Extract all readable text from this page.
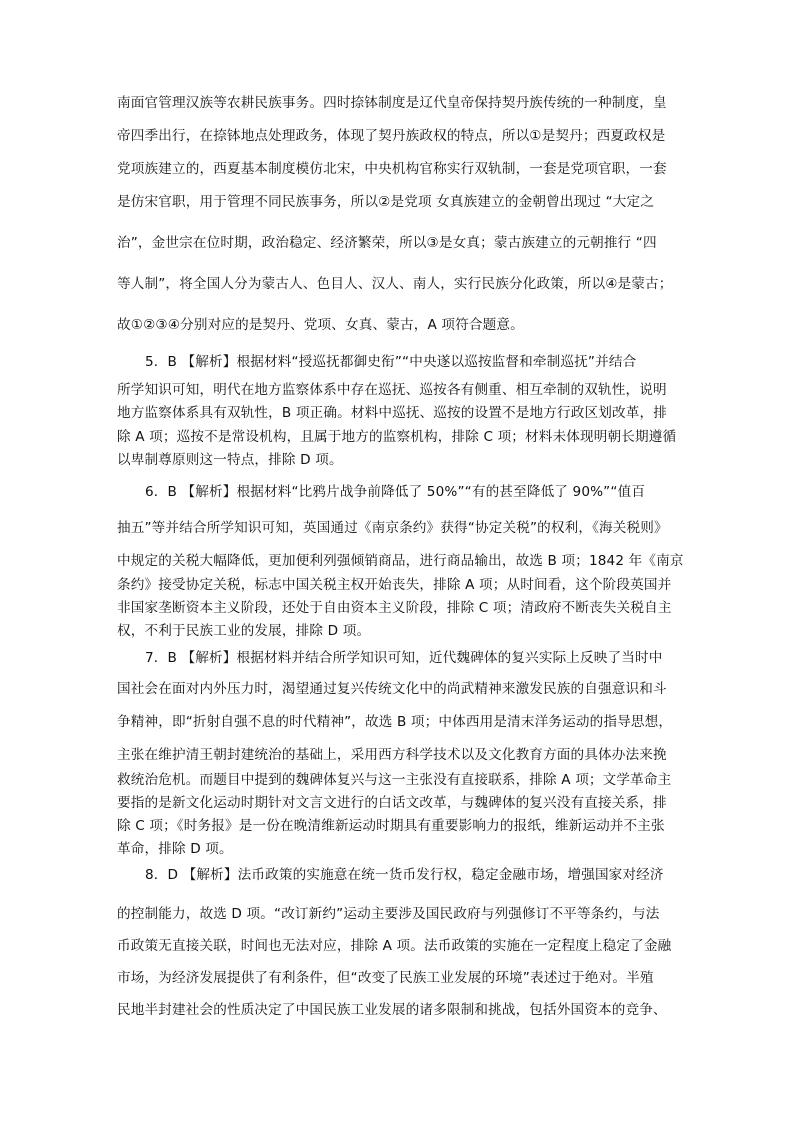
南面官管理汉族等农耕民族事务。四时捺钵制度是辽代皇帝保持契丹族传统的一种制度，皇
帝四季出行，在捺钵地点处理政务，体现了契丹族政权的特点，所以①是契丹；西夏政权是
党项族建立的，西夏基本制度模仿北宋，中央机构官称实行双轨制，一套是党项官职，一套
是仿宋官职，用于管理不同民族事务，所以②是党项 女真族建立的金朝曾出现过 “大定之
治”，金世宗在位时期，政治稳定、经济繁荣，所以③是女真；蒙古族建立的元朝推行 “四
等人制”，将全国人分为蒙古人、色目人、汉人、南人，实行民族分化政策，所以④是蒙古；
故①②③④分别对应的是契丹、党项、女真、蒙古，A 项符合题意。
5．B 【解析】根据材料“授巡抚都御史衔”“中央遂以巡按监督和牵制巡抚”并结合
所学知识可知，明代在地方监察体系中存在巡抚、巡按各有侧重、相互牵制的双轨性，说明
地方监察体系具有双轨性，B 项正确。材料中巡抚、巡按的设置不是地方行政区划改革，排
除 A 项；巡按不是常设机构，且属于地方的监察机构，排除 C 项；材料未体现明朝长期遵循
以卑制尊原则这一特点，排除 D 项。
6．B 【解析】根据材料“比鸦片战争前降低了 50%”“有的甚至降低了 90%”“值百
抽五”等并结合所学知识可知，英国通过《南京条约》获得“协定关税”的权利，《海关税则》
中规定的关税大幅降低，更加便利列强倾销商品，进行商品输出，故选 B 项；1842 年《南京
条约》接受协定关税，标志中国关税主权开始丧失，排除 A 项；从时间看，这个阶段英国并
非国家垄断资本主义阶段，还处于自由资本主义阶段，排除 C 项；清政府不断丧失关税自主
权，不利于民族工业的发展，排除 D 项。
7．B 【解析】根据材料并结合所学知识可知，近代魏碑体的复兴实际上反映了当时中
国社会在面对内外压力时，渴望通过复兴传统文化中的尚武精神来激发民族的自强意识和斗
争精神，即“折射自强不息的时代精神”，故选 B 项；中体西用是清末洋务运动的指导思想，
主张在维护清王朝封建统治的基础上，采用西方科学技术以及文化教育方面的具体办法来挽
救统治危机。而题目中提到的魏碑体复兴与这一主张没有直接联系，排除 A 项；文学革命主
要指的是新文化运动时期针对文言文进行的白话文改革，与魏碑体的复兴没有直接关系，排
除 C 项；《时务报》是一份在晚清维新运动时期具有重要影响力的报纸，维新运动并不主张
革命，排除 D 项。
8．D 【解析】法币政策的实施意在统一货币发行权，稳定金融市场，增强国家对经济
的控制能力，故选 D 项。“改订新约”运动主要涉及国民政府与列强修订不平等条约，与法
币政策无直接关联，时间也无法对应，排除 A 项。法币政策的实施在一定程度上稳定了金融
市场，为经济发展提供了有利条件，但“改变了民族工业发展的环境”表述过于绝对。半殖
民地半封建社会的性质决定了中国民族工业发展的诸多限制和挑战，包括外国资本的竞争、
